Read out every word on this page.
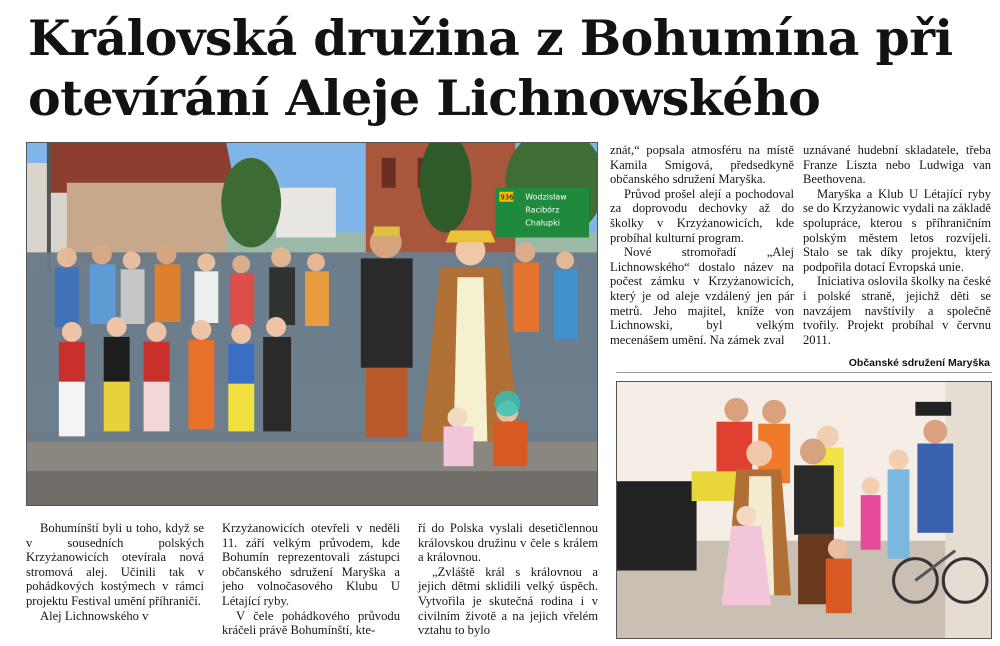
Královská družina z Bohumína při
otevírání Aleje Lichnowského
936 Wodzisław
Racibórz
Chałupki

znát,“ popsala atmosféru na místě Kamila Smigová, předsedkyně občanského sdružení Maryška.

Průvod prošel alejí a pochodoval za doprovodu dechovky až do školky v Krzyżanowicích, kde probíhal kulturní program.

Nové stromořadí „Alej Lichnowského“ dostalo název na počest zámku v Krzyżanowicích, který je od aleje vzdálený jen pár metrů. Jeho majitel, kníže von Lichnowski, byl velkým mecenášem umění. Na zámek zval

uznávané hudební skladatele, třeba Franze Liszta nebo Ludwiga van Beethovena.

Maryška a Klub U Létající ryby se do Krzyżanowic vydali na základě spolupráce, kterou s příhraničním polským městem letos rozvíjeli. Stalo se tak díky projektu, který podpořila dotací Evropská unie.

Iniciativa oslovila školky na české i polské straně, jejichž děti se navzájem navštívily a společně tvořily. Projekt probíhal v červnu 2011.

Občanské sdružení Maryška

Bohumínští byli u toho, když se v sousedních polských Krzyżanowicích otevírala nová stromová alej. Učinili tak v pohádkových kostýmech v rámci projektu Festival umění příhraničí.

Alej Lichnowského v

Krzyżanowicích otevřeli v neděli 11. září velkým průvodem, kde Bohumín reprezentovali zástupci občanského sdružení Maryška a jeho volnočasového Klubu U Létající ryby.

V čele pohádkového průvodu kráčeli právě Bohumínští, kte-

ří do Polska vyslali desetičlennou královskou družinu v čele s králem a královnou.

„Zvláště král s královnou a jejich dětmi sklidili velký úspěch. Vytvořila je skutečná rodina i v civilním životě a na jejich vřelém vztahu to bylo
